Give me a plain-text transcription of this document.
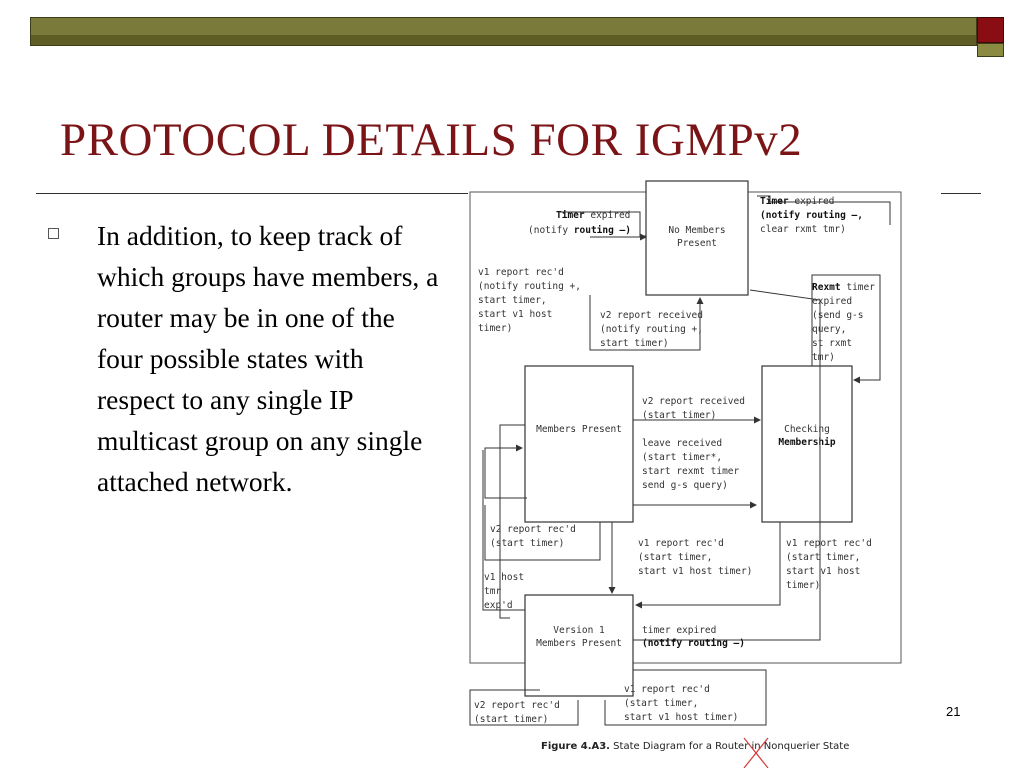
PROTOCOL DETAILS FOR IGMPv2
In addition, to keep track of which groups have members, a router may be in one of the four possible states with respect to any single IP multicast group on any single attached network.
No Members
Present
Members Present	Checking
Membership
Version 1
Members Present
Timer expired
(notify routing —)
Timer expired
(notify routing —,
clear rxmt tmr)
v1 report rec'd
(notify routing +,
start timer,
start v1 host
timer)
v2 report received
(notify routing +,
start timer)
Rexmt timer
expired
(send g-s
query,
st rxmt
tmr)
v2 report received
(start timer)
leave received
(start timer*,
start rexmt timer
send g-s query)
v2 report rec'd
(start timer)	v1 report rec'd
(start timer,
start v1 host timer)
v1 report rec'd
(start timer,
start v1 host
timer)
v1 host
tmr
exp'd
timer expired
(notify routing —)
v2 report rec'd
(start timer)
v1 report rec'd
(start timer,
start v1 host timer)
Figure 4.A3. State Diagram for a Router in Nonquerier State
21
